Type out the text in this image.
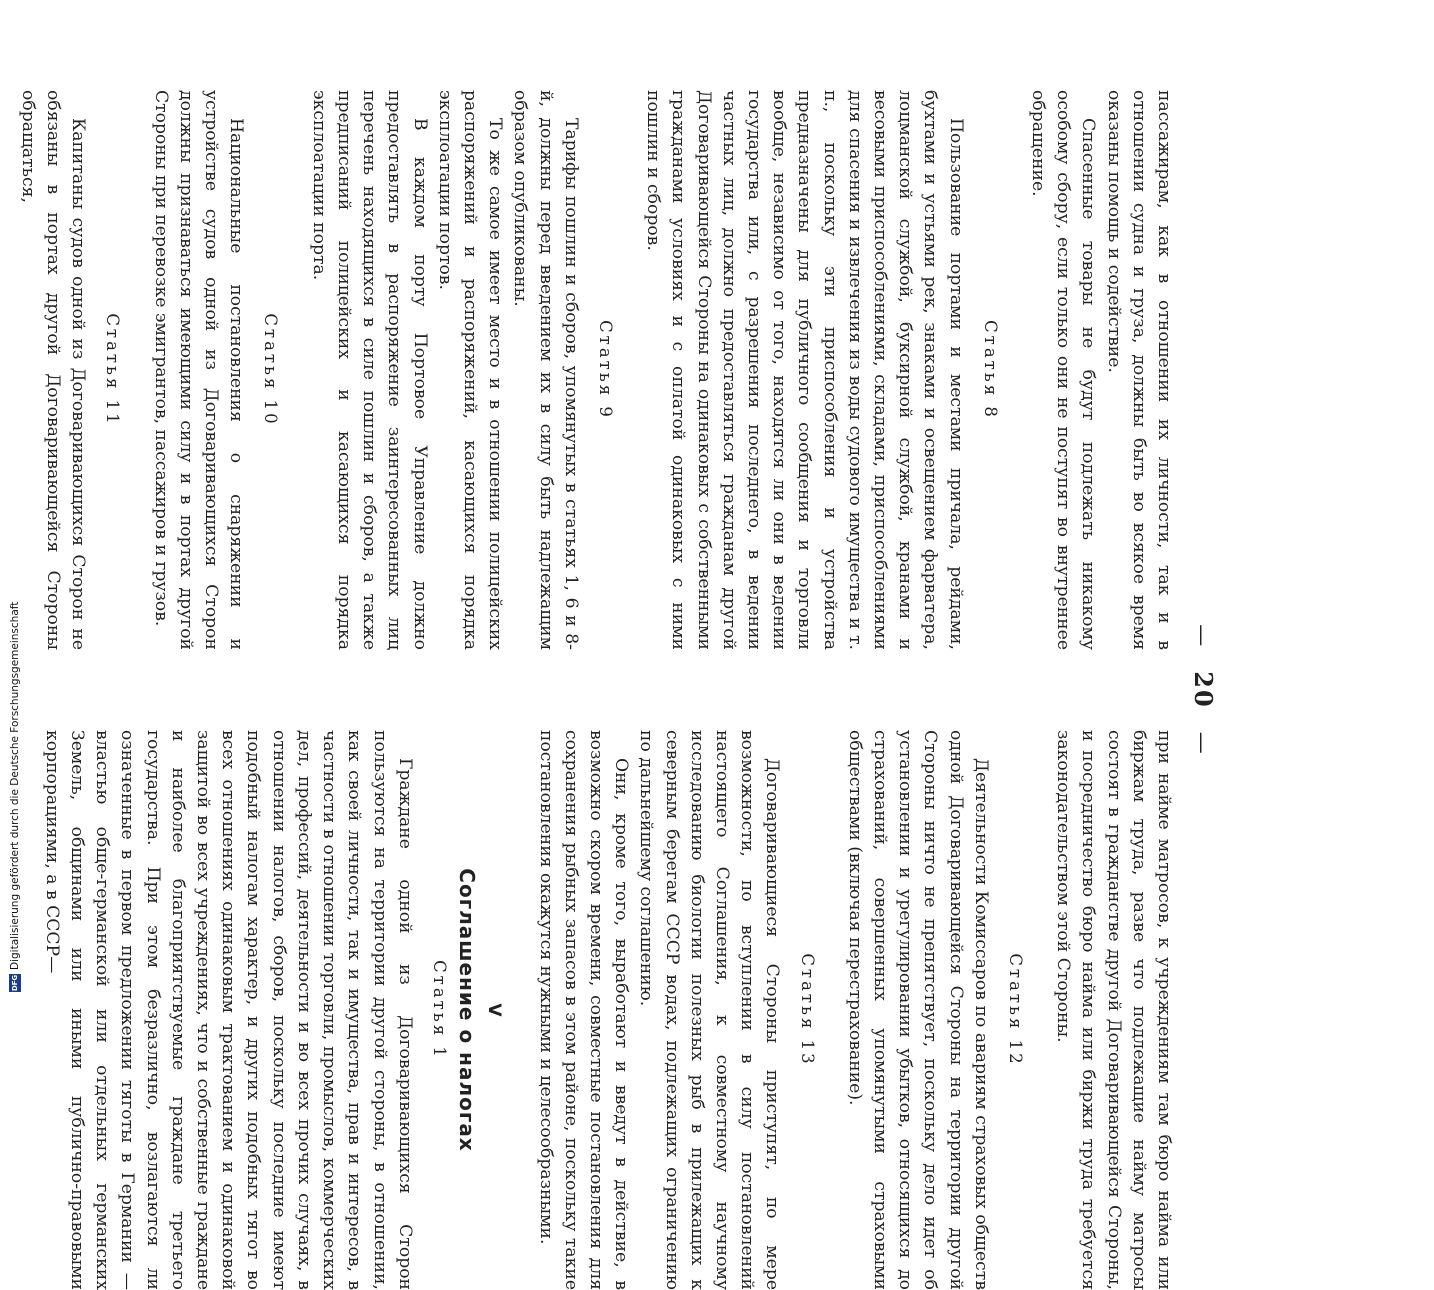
— 20 —

пассажирам, как в отношении их личности, так и в отношении судна и груза, должны быть во всякое время оказаны помощь и содействие.

Спасенные товары не будут подлежать никакому особому сбору, если только они не поступят во внутреннее обращение.

Статья 8

Пользование портами и местами причала, рейдами, бухтами и устьями рек, знаками и освещением фарватера, лоцманской службой, буксирной службой, кранами и весовыми приспособлениями, складами, приспособлениями для спасения и извлечения из воды судового имущества и т. п., поскольку эти приспособления и устройства предназначены для публичного сообщения и торговли вообще, независимо от того, находятся ли они в ведении государства или, с разрешения последнего, в ведении частных лиц, должно предоставляться гражданам другой Договаривающейся Стороны на одинаковых с собственными гражданами условиях и с оплатой одинаковых с ними пошлин и сборов.

Статья 9

Тарифы пошлин и сборов, упомянутых в статьях 1, 6 и 8-й, должны перед введением их в силу быть надлежащим образом опубликованы.

То же самое имеет место и в отношении полицейских распоряжений и распоряжений, касающихся порядка эксплоатации портов.

В каждом порту Портовое Управление должно предоставлять в распоряжение заинтересованных лиц перечень находящихся в силе пошлин и сборов, а также предписаний полицейских и касающихся порядка эксплоатации порта.

Статья 10

Национальные постановления о снаряжении и устройстве судов одной из Договаривающихся Сторон должны признаваться имеющими силу и в портах другой Стороны при перевозке эмигрантов, пассажиров и грузов.

Статья 11

Капитаны судов одной из Договаривающихся Сторон не обязаны в портах другой Договаривающейся Стороны обращаться,

при найме матросов, к учреждениям там бюро найма или биржам труда, разве что подлежащие найму матросы состоят в гражданстве другой Договаривающейся Стороны, и посредничество бюро найма или биржи труда требуется законодательством этой Стороны.

Статья 12

Деятельности Комиссаров по авариям страховых обществ одной Договаривающейся Стороны на территории другой Стороны ничто не препятствует, поскольку дело идет об установлении и урегулировании убытков, относящихся до страхований, совершенных упомянутыми страховыми обществами (включая перестрахование).

Статья 13

Договаривающиеся Стороны приступят, по мере возможности, по вступлении в силу постановлений настоящего Соглашения, к совместному научному исследованию биологии полезных рыб в прилежащих к северным берегам СССР водах, подлежащих ограничению по дальнейшему соглашению.

Они, кроме того, выработают и введут в действие, в возможно скором времени, совместные постановления для сохранения рыбных запасов в этом районе, поскольку такие постановления окажутся нужными и целесообразными.

V
Соглашение о налогах
Статья 1

Граждане одной из Договаривающихся Сторон пользуются на территории другой стороны, в отношении, как своей личности, так и имущества, прав и интересов, в частности в отношении торговли, промыслов, коммерческих дел, профессий, деятельности и во всех прочих случаях, в отношении налогов, сборов, поскольку последние имеют подобный налогам характер, и других подобных тягот во всех отношениях одинаковым трактованием и одинаковой защитой во всех учреждениях, что и собственные граждане и наиболее благоприятствуемые граждане третьего государства. При этом безразлично, возлагаются ли означенные в первом предложении тяготы в Германии — властью обще-германской или отдельных германских Земель, общинами или иными публично-правовыми корпорациями, а в СССР—

DFGDigitalisierung gefördert durch die Deutsche Forschungsgemeinschaft
